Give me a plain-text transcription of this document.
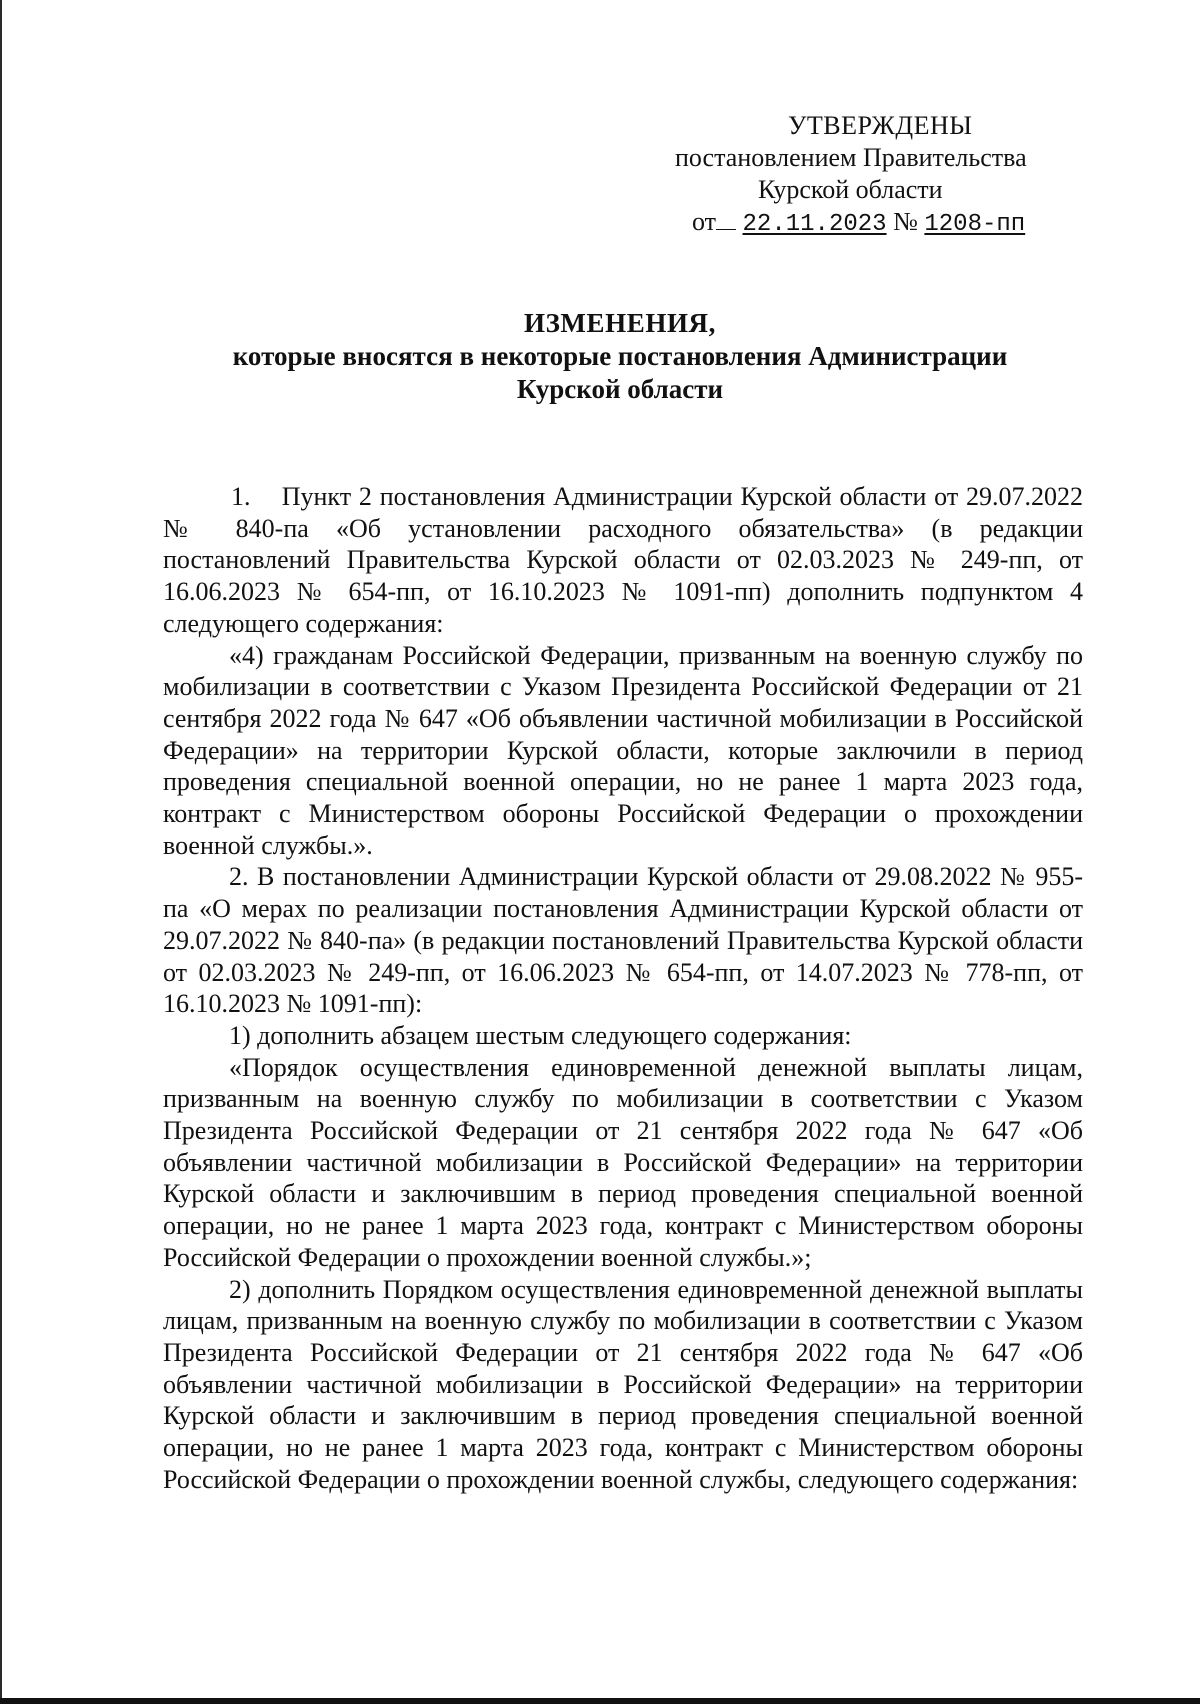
УТВЕРЖДЕНЫ
постановлением Правительства
Курской области
от 22.11.2023 № 1208-пп
ИЗМЕНЕНИЯ,
которые вносятся в некоторые постановления Администрации
Курской области

1.    Пункт 2 постановления Администрации Курской области от 29.07.2022 № 840-па «Об установлении расходного обязательства» (в редакции постановлений Правительства Курской области от 02.03.2023 № 249-пп, от 16.06.2023 № 654-пп, от 16.10.2023 № 1091-пп) дополнить подпунктом 4 следующего содержания:

«4) гражданам Российской Федерации, призванным на военную службу по мобилизации в соответствии с Указом Президента Российской Федерации от 21 сентября 2022 года № 647 «Об объявлении частичной мобилизации в Российской Федерации» на территории Курской области, которые заключили в период проведения специальной военной операции, но не ранее 1 марта 2023 года, контракт с Министерством обороны Российской Федерации о прохождении военной службы.».

2. В постановлении Администрации Курской области от 29.08.2022 № 955-па «О мерах по реализации постановления Администрации Курской области от 29.07.2022 № 840-па» (в редакции постановлений Правительства Курской области от 02.03.2023 № 249-пп, от 16.06.2023 № 654-пп, от 14.07.2023 № 778-пп, от 16.10.2023 № 1091-пп):

1) дополнить абзацем шестым следующего содержания:

«Порядок осуществления единовременной денежной выплаты лицам, призванным на военную службу по мобилизации в соответствии с Указом Президента Российской Федерации от 21 сентября 2022 года № 647 «Об объявлении частичной мобилизации в Российской Федерации» на территории Курской области и заключившим в период проведения специальной военной операции, но не ранее 1 марта 2023 года, контракт с Министерством обороны Российской Федерации о прохождении военной службы.»;

2) дополнить Порядком осуществления единовременной денежной выплаты лицам, призванным на военную службу по мобилизации в соответствии с Указом Президента Российской Федерации от 21 сентября 2022 года № 647 «Об объявлении частичной мобилизации в Российской Федерации» на территории Курской области и заключившим в период проведения специальной военной операции, но не ранее 1 марта 2023 года, контракт с Министерством обороны Российской Федерации о прохождении военной службы, следующего содержания:
